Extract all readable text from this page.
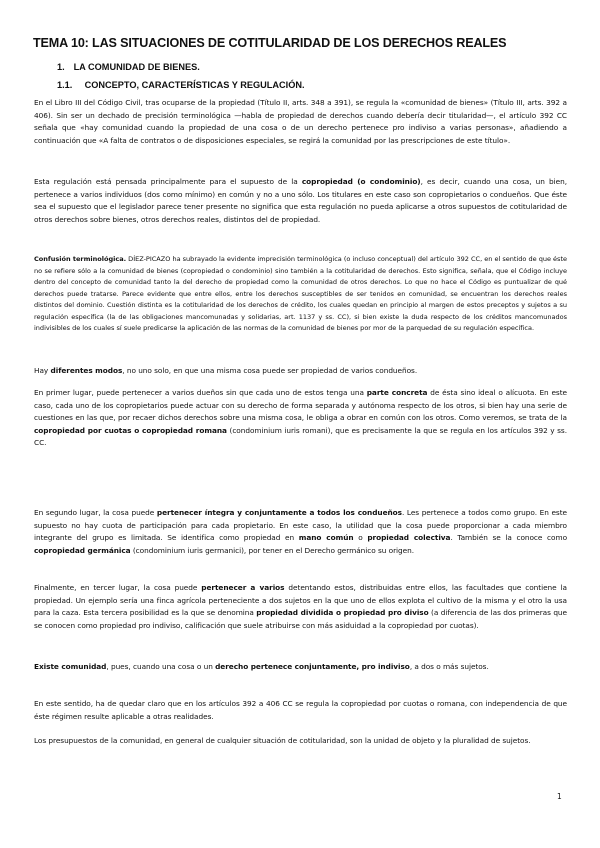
TEMA 10: LAS SITUACIONES DE COTITULARIDAD DE LOS DERECHOS REALES
1. LA COMUNIDAD DE BIENES.
1.1. CONCEPTO, CARACTERÍSTICAS Y REGULACIÓN.

En el Libro III del Código Civil, tras ocuparse de la propiedad (Título II, arts. 348 a 391), se regula la «comunidad de bienes» (Título III, arts. 392 a 406). Sin ser un dechado de precisión terminológica —habla de propiedad de derechos cuando debería decir titularidad—, el artículo 392 CC señala que «hay comunidad cuando la propiedad de una cosa o de un derecho pertenece pro indiviso a varias personas», añadiendo a continuación que «A falta de contratos o de disposiciones especiales, se regirá la comunidad por las prescripciones de este título».

Esta regulación está pensada principalmente para el supuesto de la copropiedad (o condominio), es decir, cuando una cosa, un bien, pertenece a varios individuos (dos como mínimo) en común y no a uno sólo. Los titulares en este caso son copropietarios o condueños. Que éste sea el supuesto que el legislador parece tener presente no significa que esta regulación no pueda aplicarse a otros supuestos de cotitularidad de otros derechos sobre bienes, otros derechos reales, distintos del de propiedad.

Confusión terminológica. DÍEZ-PICAZO ha subrayado la evidente imprecisión terminológica (o incluso conceptual) del artículo 392 CC, en el sentido de que éste no se refiere sólo a la comunidad de bienes (copropiedad o condominio) sino también a la cotitularidad de derechos. Esto significa, señala, que el Código incluye dentro del concepto de comunidad tanto la del derecho de propiedad como la comunidad de otros derechos. Lo que no hace el Código es puntualizar de qué derechos puede tratarse. Parece evidente que entre ellos, entre los derechos susceptibles de ser tenidos en comunidad, se encuentran los derechos reales distintos del dominio. Cuestión distinta es la cotitularidad de los derechos de crédito, los cuales quedan en principio al margen de estos preceptos y sujetos a su regulación específica (la de las obligaciones mancomunadas y solidarias, art. 1137 y ss. CC), si bien existe la duda respecto de los créditos mancomunados indivisibles de los cuales sí suele predicarse la aplicación de las normas de la comunidad de bienes por mor de la parquedad de su regulación específica.

Hay diferentes modos, no uno solo, en que una misma cosa puede ser propiedad de varios condueños.

En primer lugar, puede pertenecer a varios dueños sin que cada uno de estos tenga una parte concreta de ésta sino ideal o alícuota. En este caso, cada uno de los copropietarios puede actuar con su derecho de forma separada y autónoma respecto de los otros, si bien hay una serie de cuestiones en las que, por recaer dichos derechos sobre una misma cosa, le obliga a obrar en común con los otros. Como veremos, se trata de la copropiedad por cuotas o copropiedad romana (condominium iuris romani), que es precisamente la que se regula en los artículos 392 y ss. CC.

En segundo lugar, la cosa puede pertenecer íntegra y conjuntamente a todos los condueños. Les pertenece a todos como grupo. En este supuesto no hay cuota de participación para cada propietario. En este caso, la utilidad que la cosa puede proporcionar a cada miembro integrante del grupo es limitada. Se identifica como propiedad en mano común o propiedad colectiva. También se la conoce como copropiedad germánica (condominium iuris germanici), por tener en el Derecho germánico su origen.

Finalmente, en tercer lugar, la cosa puede pertenecer a varios detentando estos, distribuidas entre ellos, las facultades que contiene la propiedad. Un ejemplo sería una finca agrícola perteneciente a dos sujetos en la que uno de ellos explota el cultivo de la misma y el otro la usa para la caza. Esta tercera posibilidad es la que se denomina propiedad dividida o propiedad pro diviso (a diferencia de las dos primeras que se conocen como propiedad pro indiviso, calificación que suele atribuirse con más asiduidad a la copropiedad por cuotas).

Existe comunidad, pues, cuando una cosa o un derecho pertenece conjuntamente, pro indiviso, a dos o más sujetos.

En este sentido, ha de quedar claro que en los artículos 392 a 406 CC se regula la copropiedad por cuotas o romana, con independencia de que éste régimen resulte aplicable a otras realidades.

Los presupuestos de la comunidad, en general de cualquier situación de cotitularidad, son la unidad de objeto y la pluralidad de sujetos.

1
